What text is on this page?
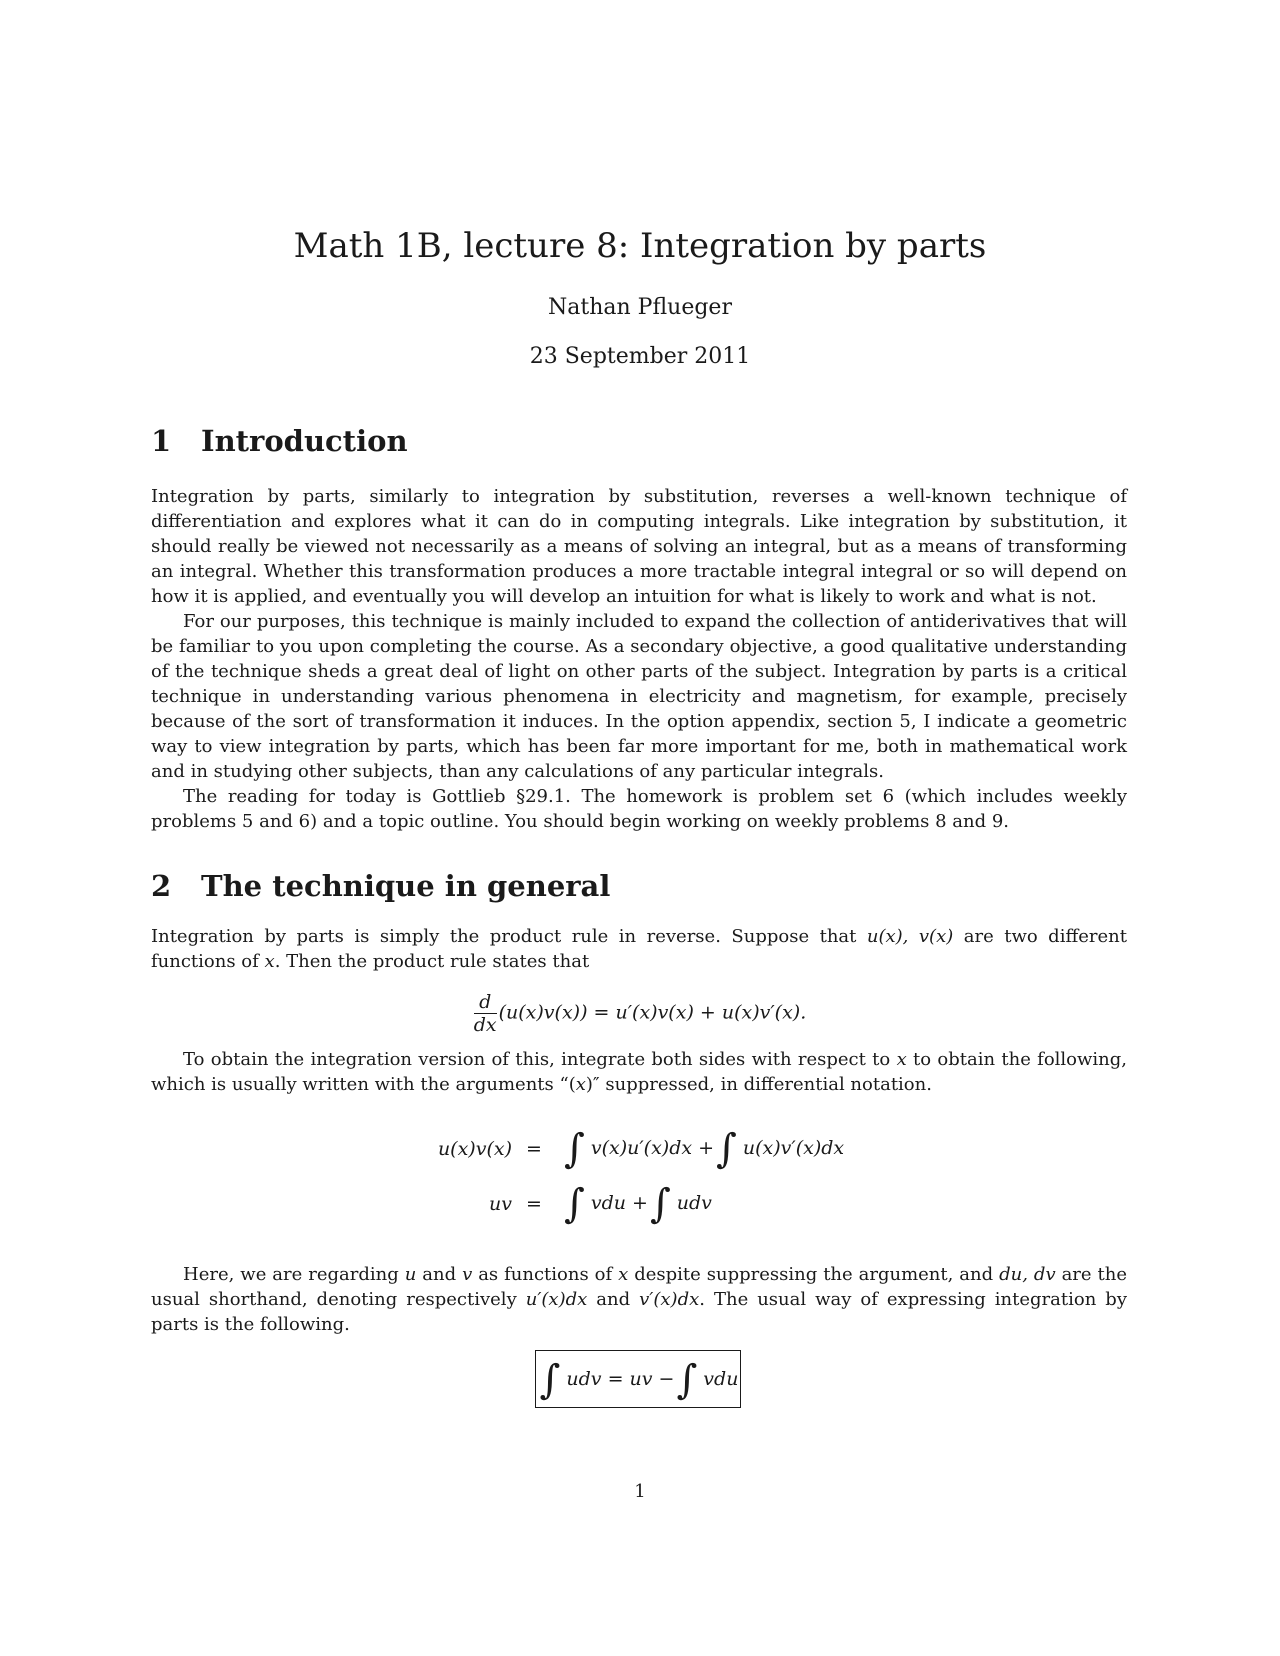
Math 1B, lecture 8: Integration by parts
Nathan Pflueger
23 September 2011
1 Introduction

Integration by parts, similarly to integration by substitution, reverses a well-known technique of differentiation and explores what it can do in computing integrals. Like integration by substitution, it should really be viewed not necessarily as a means of solving an integral, but as a means of transforming an integral. Whether this transformation produces a more tractable integral integral or so will depend on how it is applied, and eventually you will develop an intuition for what is likely to work and what is not.

For our purposes, this technique is mainly included to expand the collection of antiderivatives that will be familiar to you upon completing the course. As a secondary objective, a good qualitative understanding of the technique sheds a great deal of light on other parts of the subject. Integration by parts is a critical technique in understanding various phenomena in electricity and magnetism, for example, precisely because of the sort of transformation it induces. In the option appendix, section 5, I indicate a geometric way to view integration by parts, which has been far more important for me, both in mathematical work and in studying other subjects, than any calculations of any particular integrals.

The reading for today is Gottlieb §29.1. The homework is problem set 6 (which includes weekly problems 5 and 6) and a topic outline. You should begin working on weekly problems 8 and 9.

2 The technique in general

Integration by parts is simply the product rule in reverse. Suppose that u(x), v(x) are two different functions of x. Then the product rule states that

$\frac{d}{dx} (u(x)v(x)) = u'(x)v(x) + u(x)v'(x)$.

To obtain the integration version of this, integrate both sides with respect to x to obtain the following, which is usually written with the arguments “(x)″ suppressed, in differential notation.

u(x)v(x) = ∫ v(x)u′(x)dx +∫ u(x)v′(x)dx
uv = ∫ vdu +∫ udv

Here, we are regarding u and v as functions of x despite suppressing the argument, and du, dv are the usual shorthand, denoting respectively u′(x)dx and v′(x)dx. The usual way of expressing integration by parts is the following.

∫ udv = uv −∫ vdu
1
